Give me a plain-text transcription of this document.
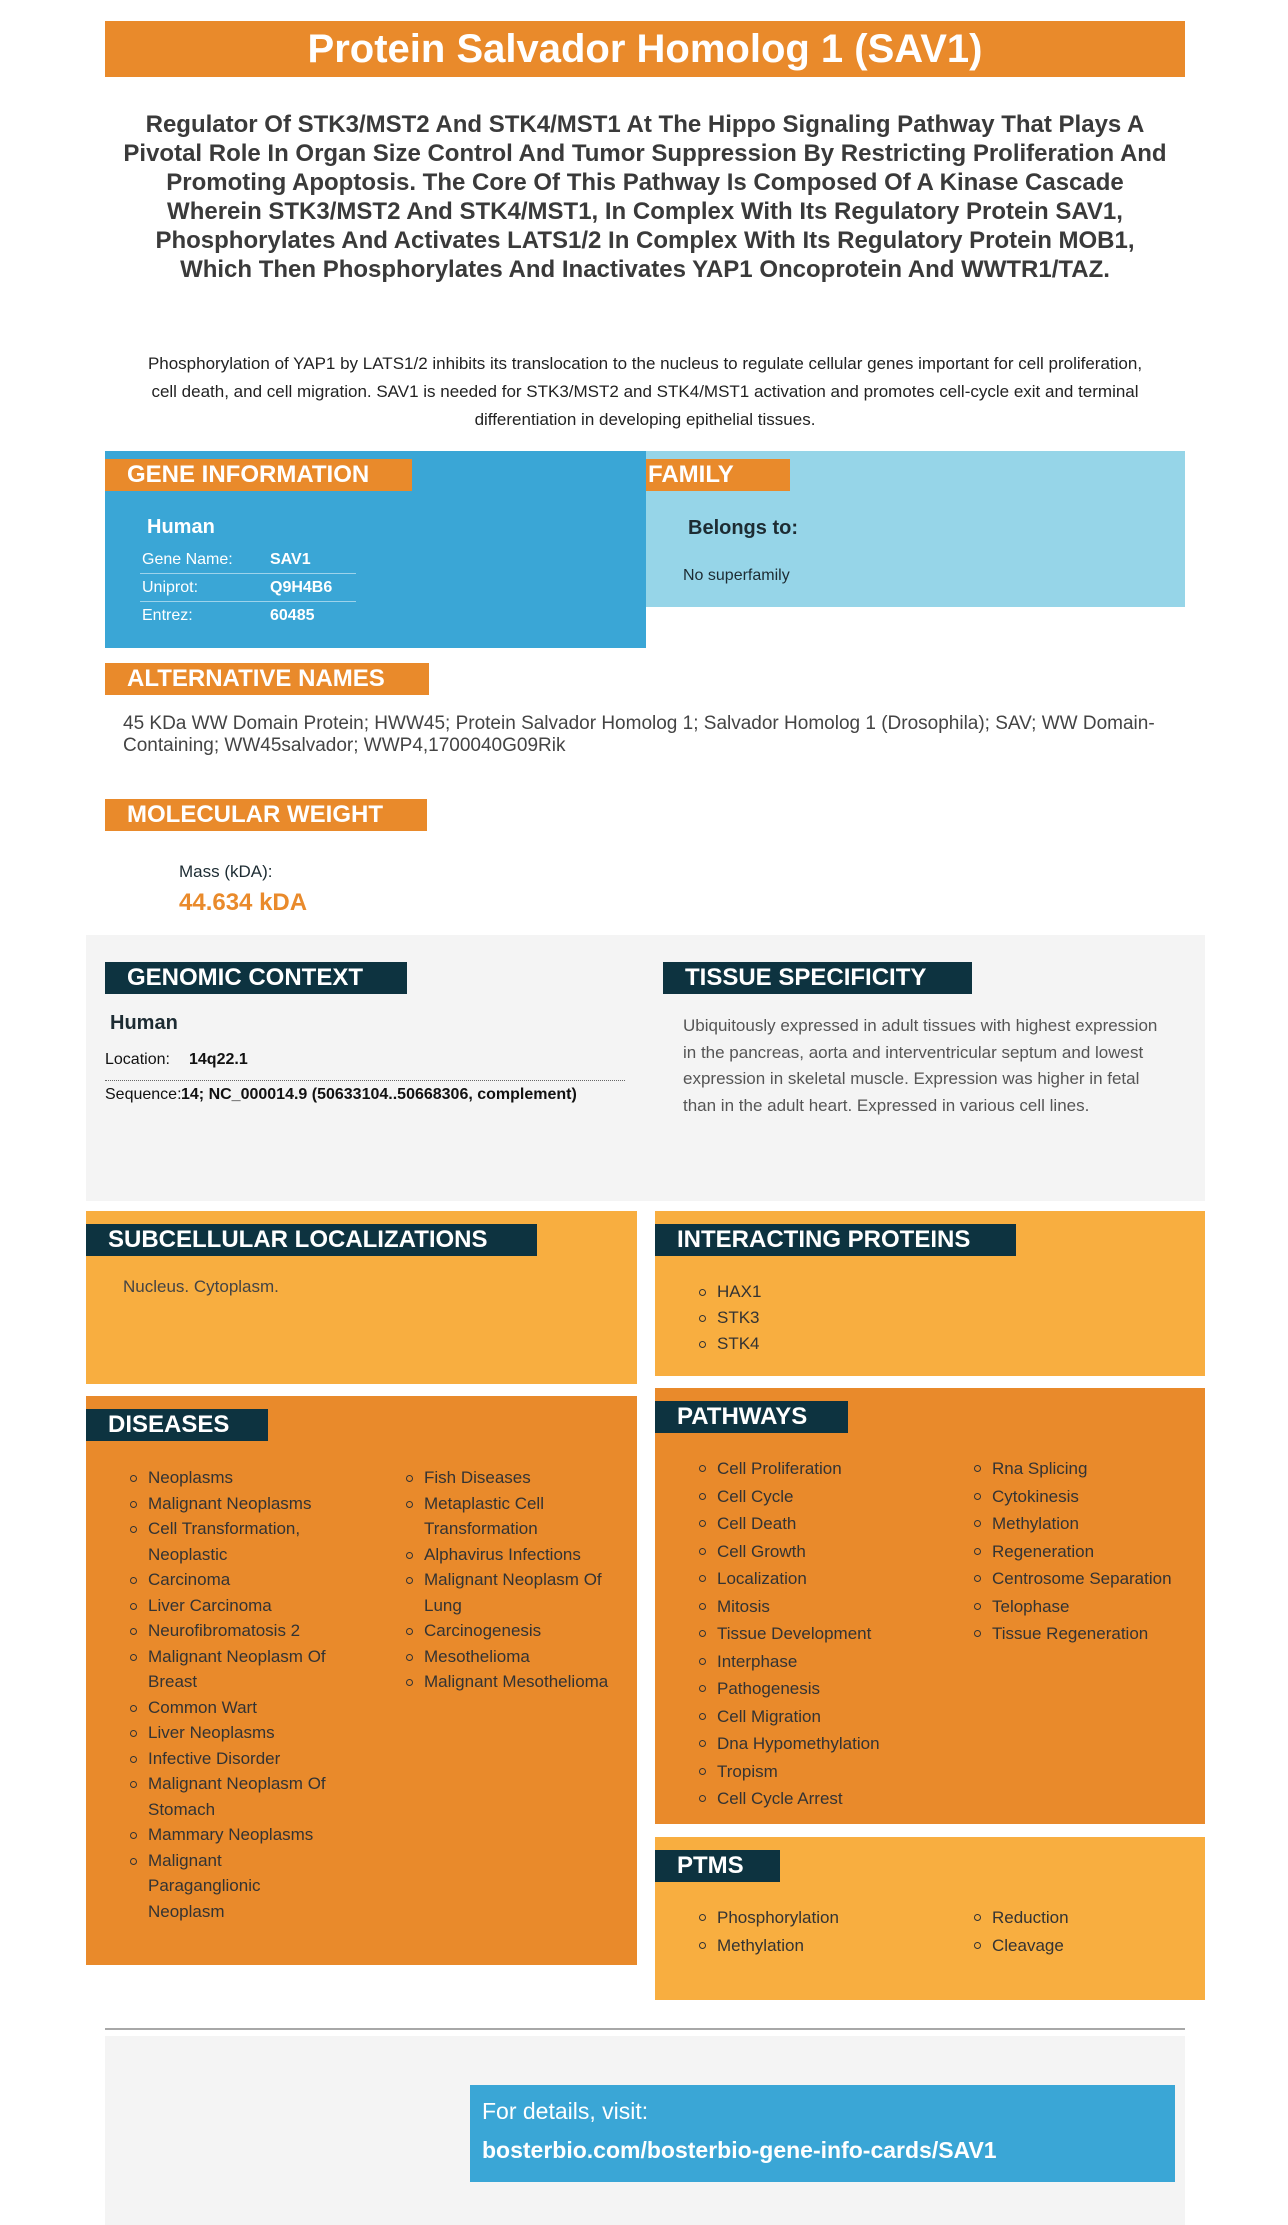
Protein Salvador Homolog 1 (SAV1)
Regulator Of STK3/MST2 And STK4/MST1 At The Hippo Signaling Pathway That Plays A Pivotal Role In Organ Size Control And Tumor Suppression By Restricting Proliferation And Promoting Apoptosis. The Core Of This Pathway Is Composed Of A Kinase Cascade Wherein STK3/MST2 And STK4/MST1, In Complex With Its Regulatory Protein SAV1, Phosphorylates And Activates LATS1/2 In Complex With Its Regulatory Protein MOB1, Which Then Phosphorylates And Inactivates YAP1 Oncoprotein And WWTR1/TAZ.
Phosphorylation of YAP1 by LATS1/2 inhibits its translocation to the nucleus to regulate cellular genes important for cell proliferation, cell death, and cell migration. SAV1 is needed for STK3/MST2 and STK4/MST1 activation and promotes cell-cycle exit and terminal differentiation in developing epithelial tissues.
GENE INFORMATION	FAMILY
Human
Gene Name:	SAV1
Uniprot:	Q9H4B6
Entrez:	60485
Belongs to:
No superfamily
ALTERNATIVE NAMES
45 KDa WW Domain Protein; HWW45; Protein Salvador Homolog 1; Salvador Homolog 1 (Drosophila); SAV; WW Domain-Containing; WW45salvador; WWP4,1700040G09Rik
MOLECULAR WEIGHT
Mass (kDA):
44.634 kDA
GENOMIC CONTEXT	TISSUE SPECIFICITY
Human
Location:	14q22.1
Sequence: 14; NC_000014.9 (50633104..50668306, complement)
Ubiquitously expressed in adult tissues with highest expression in the pancreas, aorta and interventricular septum and lowest expression in skeletal muscle. Expression was higher in fetal than in the adult heart. Expressed in various cell lines.
SUBCELLULAR LOCALIZATIONS
Nucleus. Cytoplasm.
INTERACTING PROTEINS
HAX1
STK3
STK4
DISEASES
Neoplasms
Malignant Neoplasms
Cell Transformation, Neoplastic
Carcinoma
Liver Carcinoma
Neurofibromatosis 2
Malignant Neoplasm Of Breast
Common Wart
Liver Neoplasms
Infective Disorder
Malignant Neoplasm Of Stomach
Mammary Neoplasms
Malignant Paraganglionic Neoplasm
Fish Diseases
Metaplastic Cell Transformation
Alphavirus Infections
Malignant Neoplasm Of Lung
Carcinogenesis
Mesothelioma
Malignant Mesothelioma
PATHWAYS
Cell Proliferation
Cell Cycle
Cell Death
Cell Growth
Localization
Mitosis
Tissue Development
Interphase
Pathogenesis
Cell Migration
Dna Hypomethylation
Tropism
Cell Cycle Arrest
Rna Splicing
Cytokinesis
Methylation
Regeneration
Centrosome Separation
Telophase
Tissue Regeneration
PTMS
Phosphorylation
Methylation
Reduction
Cleavage
For details, visit:
bosterbio.com/bosterbio-gene-info-cards/SAV1
